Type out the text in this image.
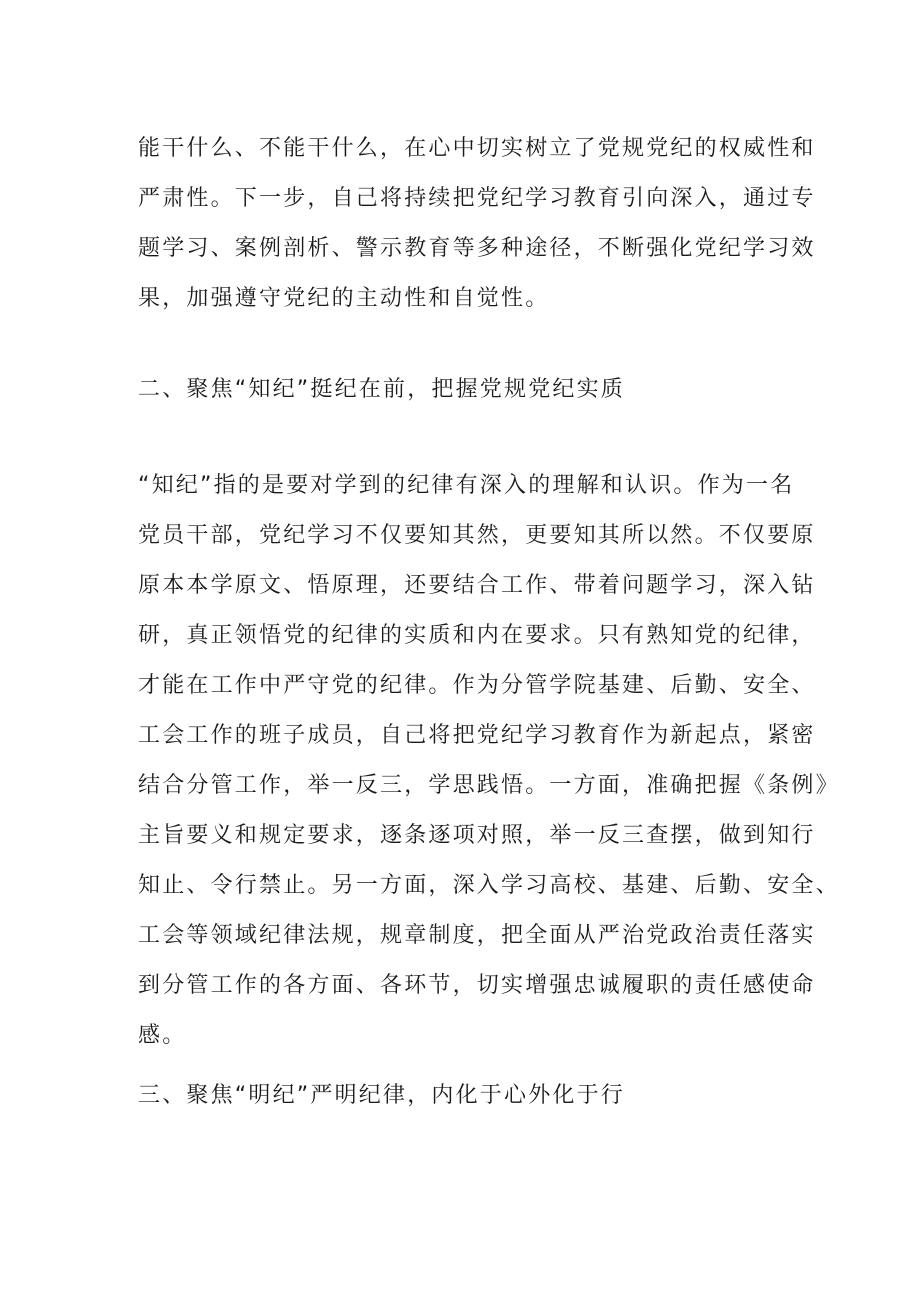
能干什么、不能干什么，在心中切实树立了党规党纪的权威性和
严肃性。下一步，自己将持续把党纪学习教育引向深入，通过专
题学习、案例剖析、警示教育等多种途径，不断强化党纪学习效
果，加强遵守党纪的主动性和自觉性。
二、聚焦“知纪”挺纪在前，把握党规党纪实质
“知纪”指的是要对学到的纪律有深入的理解和认识。作为一名
党员干部，党纪学习不仅要知其然，更要知其所以然。不仅要原
原本本学原文、悟原理，还要结合工作、带着问题学习，深入钻
研，真正领悟党的纪律的实质和内在要求。只有熟知党的纪律，
才能在工作中严守党的纪律。作为分管学院基建、后勤、安全、
工会工作的班子成员，自己将把党纪学习教育作为新起点，紧密
结合分管工作，举一反三，学思践悟。一方面，准确把握《条例》
主旨要义和规定要求，逐条逐项对照，举一反三查摆，做到知行
知止、令行禁止。另一方面，深入学习高校、基建、后勤、安全、
工会等领域纪律法规，规章制度，把全面从严治党政治责任落实
到分管工作的各方面、各环节，切实增强忠诚履职的责任感使命
感。
三、聚焦“明纪”严明纪律，内化于心外化于行
